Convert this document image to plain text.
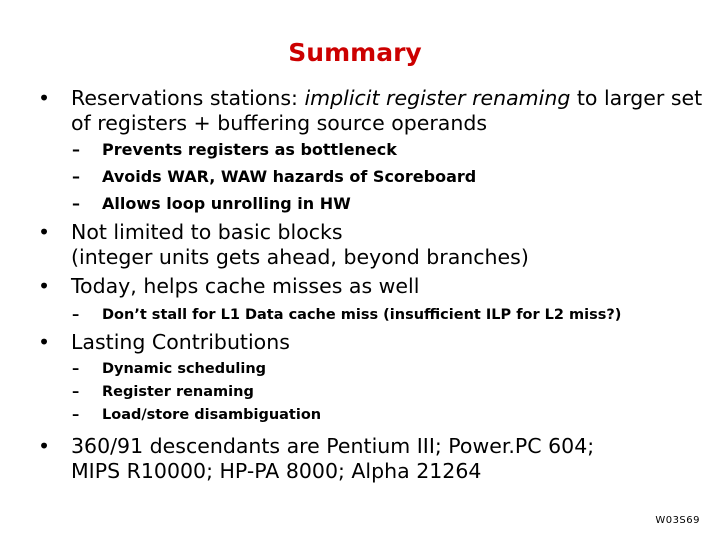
Summary
• Reservations stations: implicit register renaming to larger set of registers + buffering source operands
– Prevents registers as bottleneck
– Avoids WAR, WAW hazards of Scoreboard
– Allows loop unrolling in HW
• Not limited to basic blocks
(integer units gets ahead, beyond branches)
• Today, helps cache misses as well
– Don’t stall for L1 Data cache miss (insufficient ILP for L2 miss?)
• Lasting Contributions
– Dynamic scheduling
– Register renaming
– Load/store disambiguation
• 360/91 descendants are Pentium III; Power.PC 604;
MIPS R10000; HP-PA 8000; Alpha 21264
W03S69
